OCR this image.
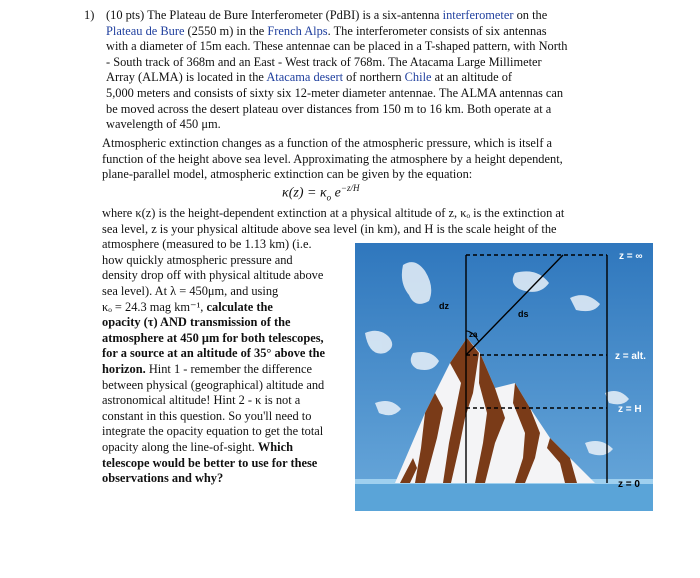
1) (10 pts) The Plateau de Bure Interferometer (PdBI) is a six-antenna interferometer on the
Plateau de Bure (2550 m) in the French Alps. The interferometer consists of six antennas
with a diameter of 15m each. These antennae can be placed in a T-shaped pattern, with North
- South track of 368m and an East - West track of 768m. The Atacama Large Millimeter
Array (ALMA) is located in the Atacama desert of northern Chile at an altitude of
5,000 meters and consists of sixty six 12-meter diameter antennae. The ALMA antennas can
be moved across the desert plateau over distances from 150 m to 16 km. Both operate at a
wavelength of 450 μm.
Atmospheric extinction changes as a function of the atmospheric pressure, which is itself a
function of the height above sea level. Approximating the atmosphere by a height dependent,
plane-parallel model, atmospheric extinction can be given by the equation:
$\kappa(z) = \kappa_o$ $e^{-z/H}$
where κ(z) is the height-dependent extinction at a physical altitude of z, κₒ is the extinction at
sea level, z is your physical altitude above sea level (in km), and H is the scale height of the
atmosphere (measured to be 1.13 km) (i.e.
how quickly atmospheric pressure and
density drop off with physical altitude above
sea level). At λ = 450μm, and using
κₒ = 24.3 mag km⁻¹, calculate the
opacity (τ) AND transmission of the
atmosphere at 450 μm for both telescopes,
for a source at an altitude of 35° above the
horizon. Hint 1 - remember the difference
between physical (geographical) altitude and
astronomical altitude! Hint 2 - κ is not a
constant in this question. So you'll need to
integrate the opacity equation to get the total
opacity along the line-of-sight. Which
telescope would be better to use for these
observations and why?
z = ∞
z = alt.
z = H
z = 0
dz
ds
za
